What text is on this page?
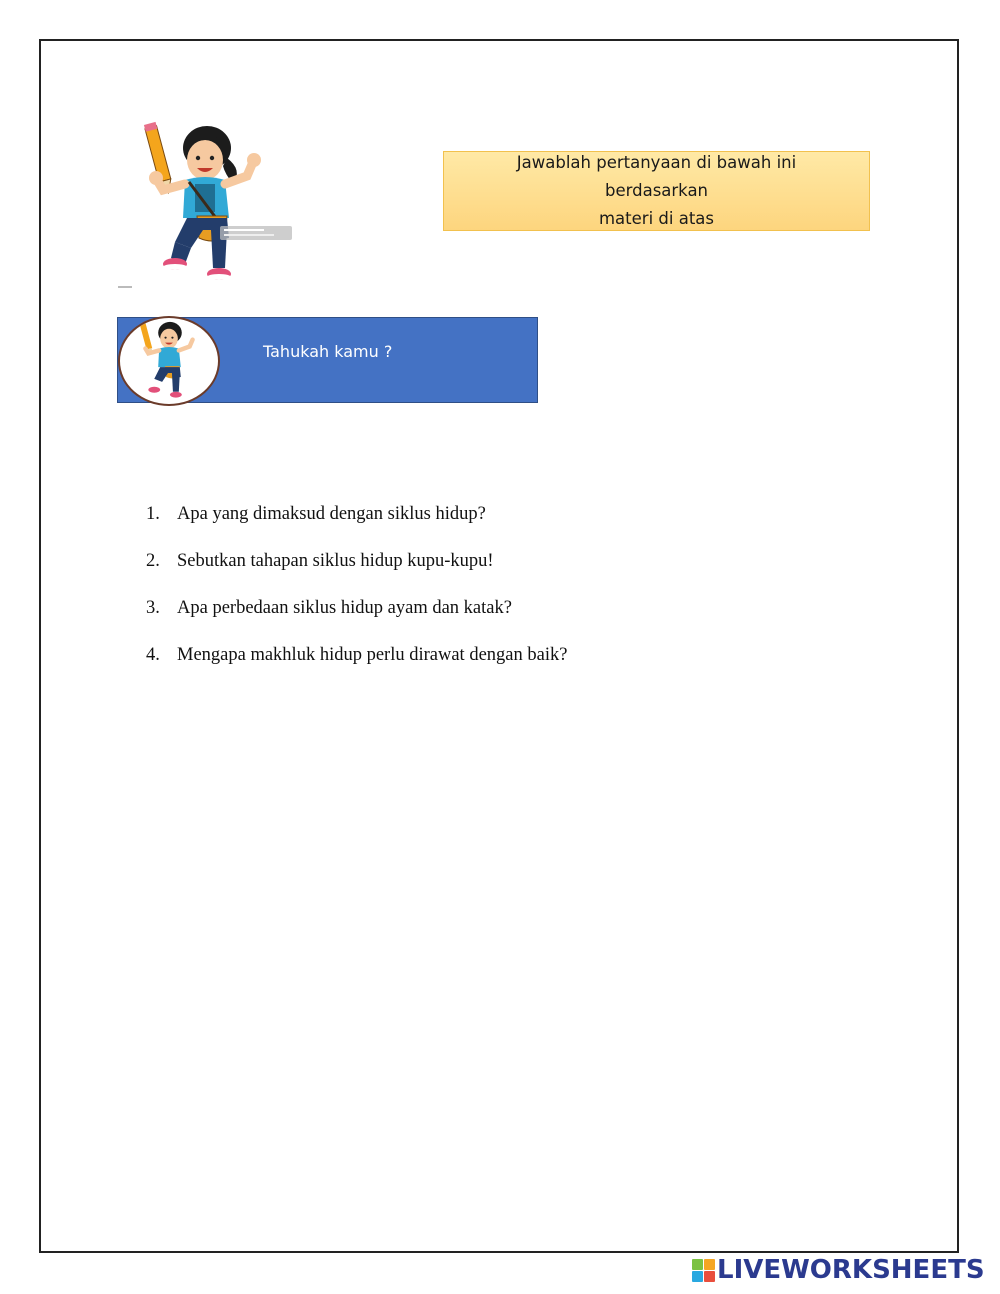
Jawablah pertanyaan di bawah ini berdasarkan
materi di atas
Tahukah kamu ?
1. Apa yang dimaksud dengan siklus hidup?
2. Sebutkan tahapan siklus hidup kupu-kupu!
3. Apa perbedaan siklus hidup ayam dan katak?
4. Mengapa makhluk hidup perlu dirawat dengan baik?
LIVEWORKSHEETS
